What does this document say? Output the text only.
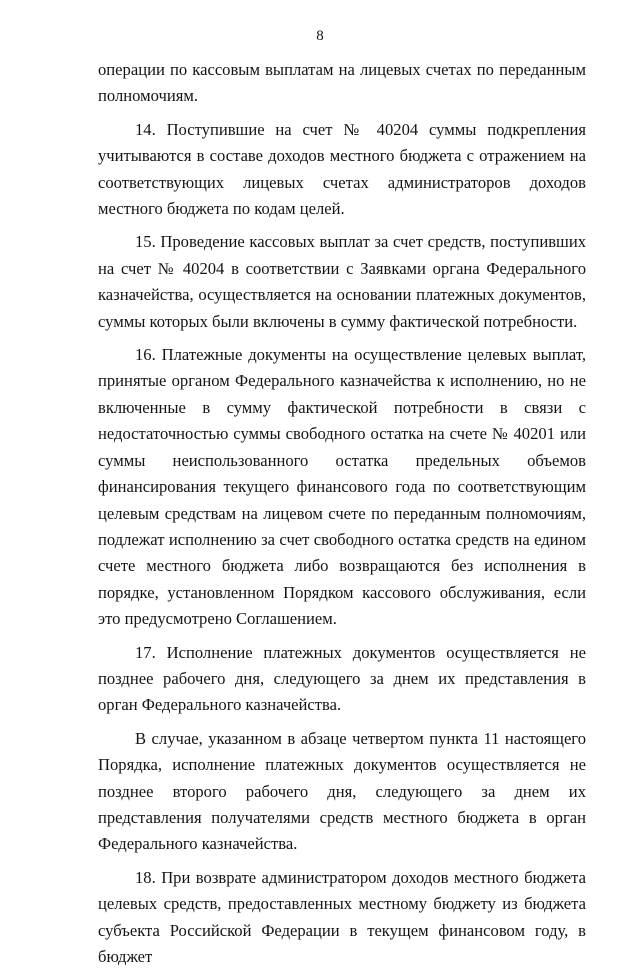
8

операции по кассовым выплатам на лицевых счетах по переданным полномочиям.

14. Поступившие на счет № 40204 суммы подкрепления учитываются в составе доходов местного бюджета с отражением на соответствующих лицевых счетах администраторов доходов местного бюджета по кодам целей.

15. Проведение кассовых выплат за счет средств, поступивших на счет № 40204 в соответствии с Заявками органа Федерального казначейства, осуществляется на основании платежных документов, суммы которых были включены в сумму фактической потребности.

16. Платежные документы на осуществление целевых выплат, принятые органом Федерального казначейства к исполнению, но не включенные в сумму фактической потребности в связи с недостаточностью суммы свободного остатка на счете № 40201 или суммы неиспользованного остатка предельных объемов финансирования текущего финансового года по соответствующим целевым средствам на лицевом счете по переданным полномочиям, подлежат исполнению за счет свободного остатка средств на едином счете местного бюджета либо возвращаются без исполнения в порядке, установленном Порядком кассового обслуживания, если это предусмотрено Соглашением.

17. Исполнение платежных документов осуществляется не позднее рабочего дня, следующего за днем их представления в орган Федерального казначейства.

В случае, указанном в абзаце четвертом пункта 11 настоящего Порядка, исполнение платежных документов осуществляется не позднее второго рабочего дня, следующего за днем их представления получателями средств местного бюджета в орган Федерального казначейства.

18. При возврате администратором доходов местного бюджета целевых средств, предоставленных местному бюджету из бюджета субъекта Российской Федерации в текущем финансовом году, в бюджет
